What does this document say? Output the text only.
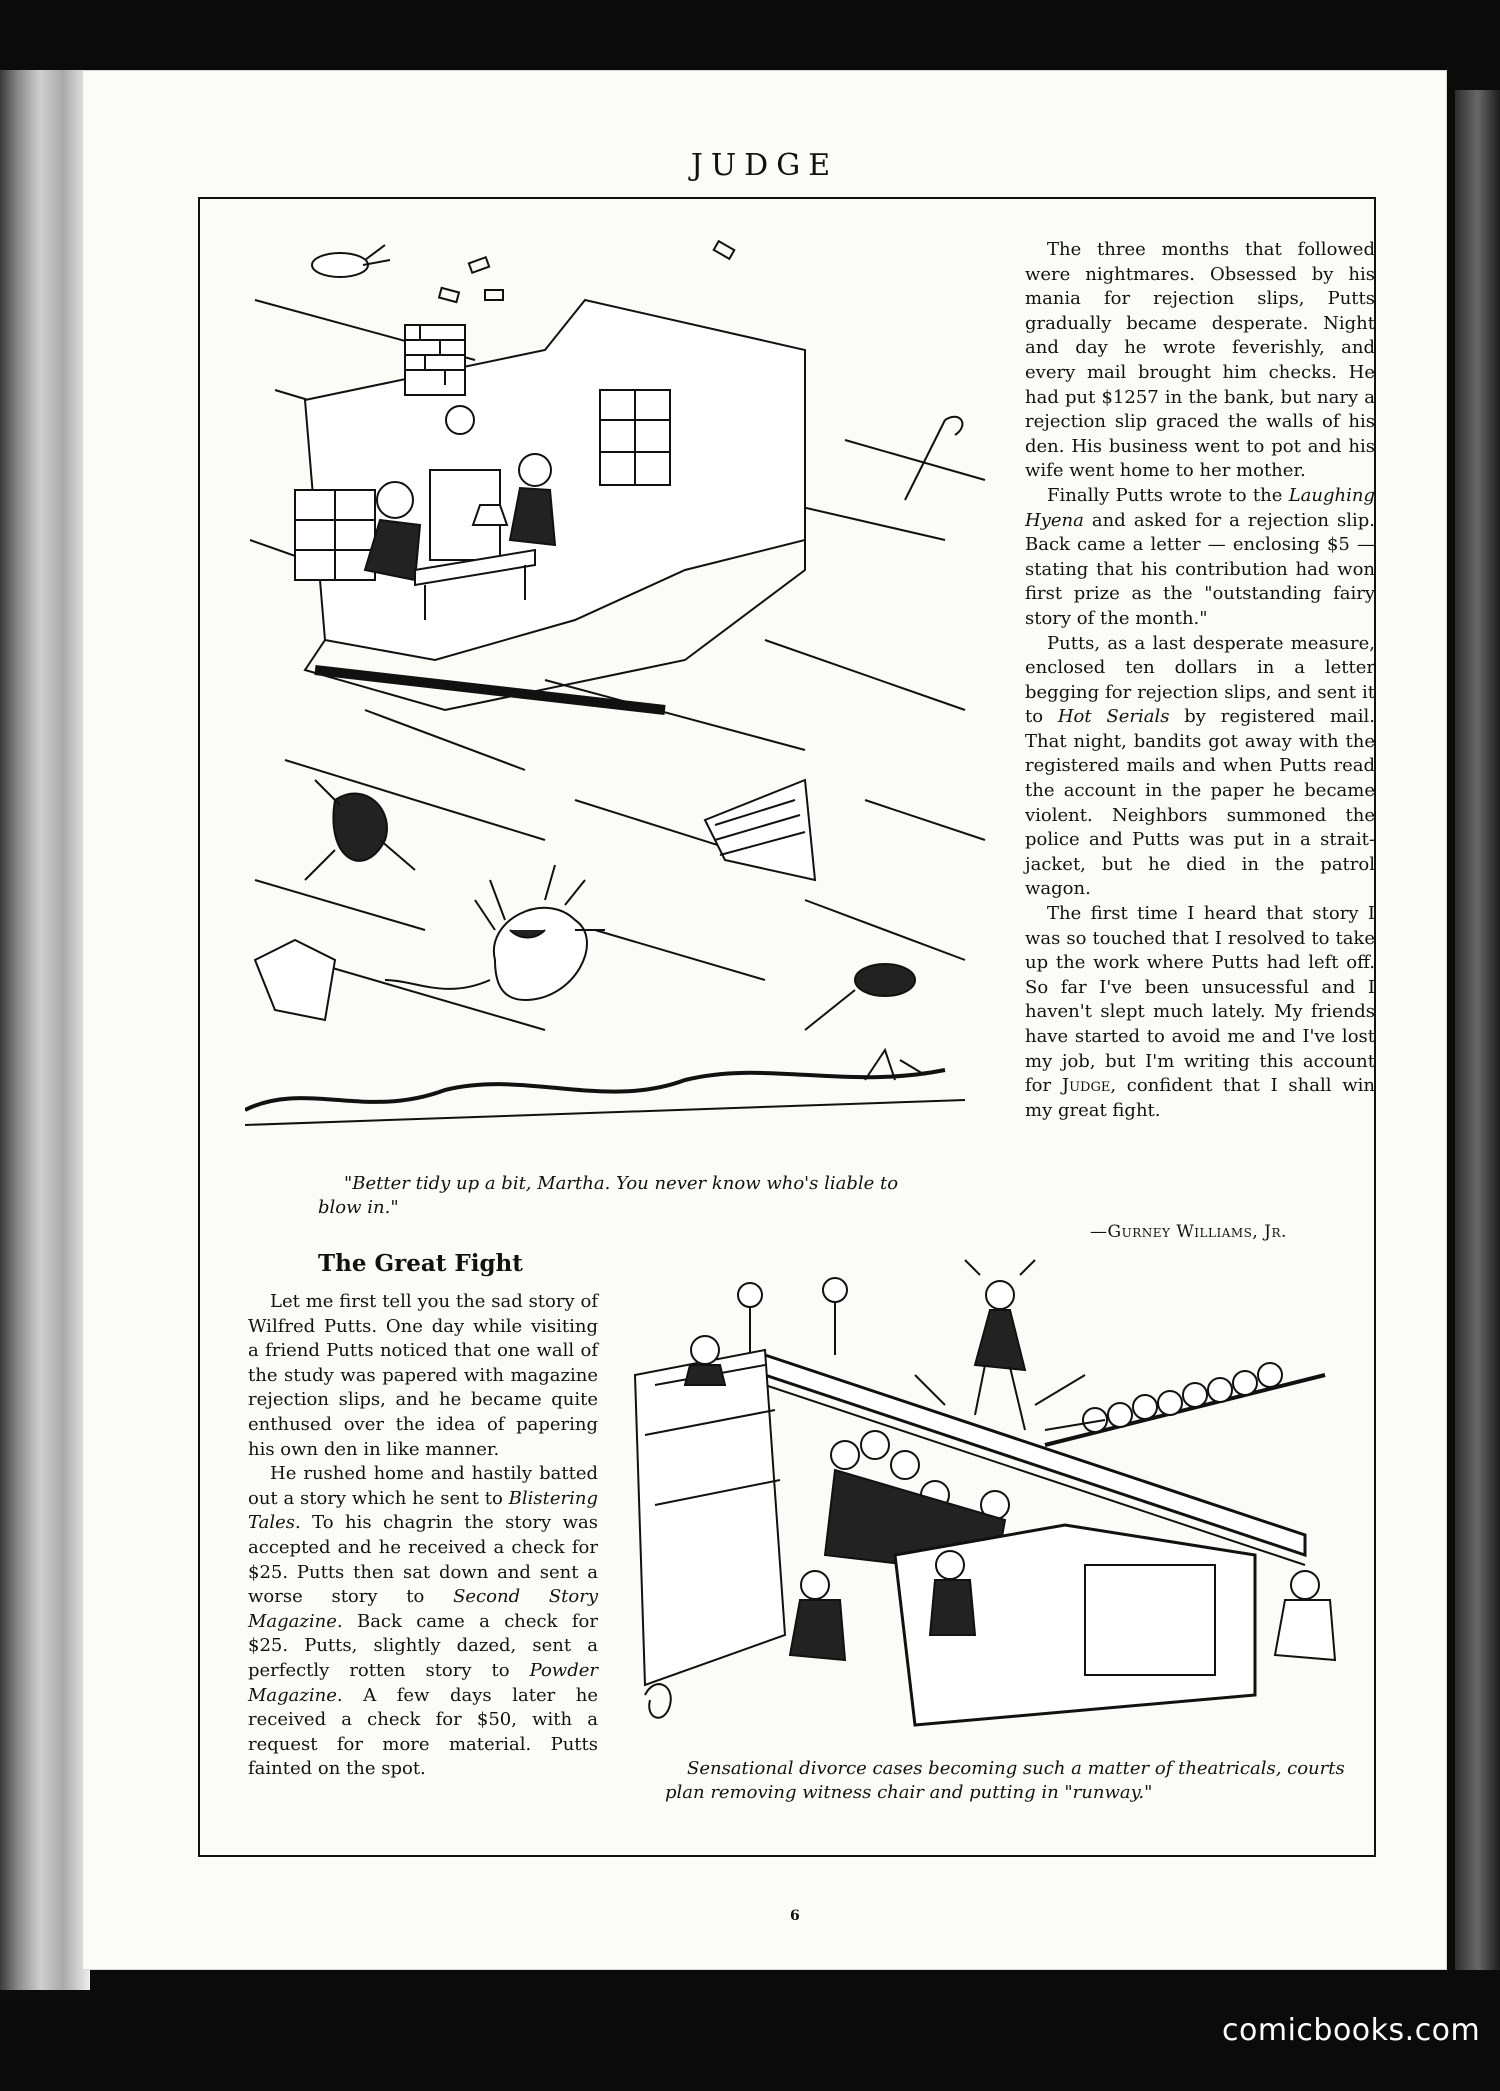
JUDGE
"Better tidy up a bit, Martha. You never know who's liable to blow in."

The three months that followed were nightmares. Obsessed by his mania for rejection slips, Putts gradually became desperate. Night and day he wrote feverishly, and every mail brought him checks. He had put $1257 in the bank, but nary a rejection slip graced the walls of his den. His business went to pot and his wife went home to her mother.

Finally Putts wrote to the Laughing Hyena and asked for a rejection slip. Back came a letter — enclosing $5 — stating that his contribution had won first prize as the "outstanding fairy story of the month."

Putts, as a last desperate measure, enclosed ten dollars in a letter begging for rejection slips, and sent it to Hot Serials by registered mail. That night, bandits got away with the registered mails and when Putts read the account in the paper he became violent. Neighbors summoned the police and Putts was put in a strait-jacket, but he died in the patrol wagon.

The first time I heard that story I was so touched that I resolved to take up the work where Putts had left off. So far I've been unsucessful and I haven't slept much lately. My friends have started to avoid me and I've lost my job, but I'm writing this account for Judge, confident that I shall win my great fight.

—Gurney Williams, Jr.
The Great Fight

Let me first tell you the sad story of Wilfred Putts. One day while visiting a friend Putts noticed that one wall of the study was papered with magazine rejection slips, and he became quite enthused over the idea of papering his own den in like manner.

He rushed home and hastily batted out a story which he sent to Blistering Tales. To his chagrin the story was accepted and he received a check for $25. Putts then sat down and sent a worse story to Second Story Magazine. Back came a check for $25. Putts, slightly dazed, sent a perfectly rotten story to Powder Magazine. A few days later he received a check for $50, with a request for more material. Putts fainted on the spot.	Sensational divorce cases becoming such a matter of theatricals, courts plan removing witness chair and putting in "runway."
6
comicbooks.com
